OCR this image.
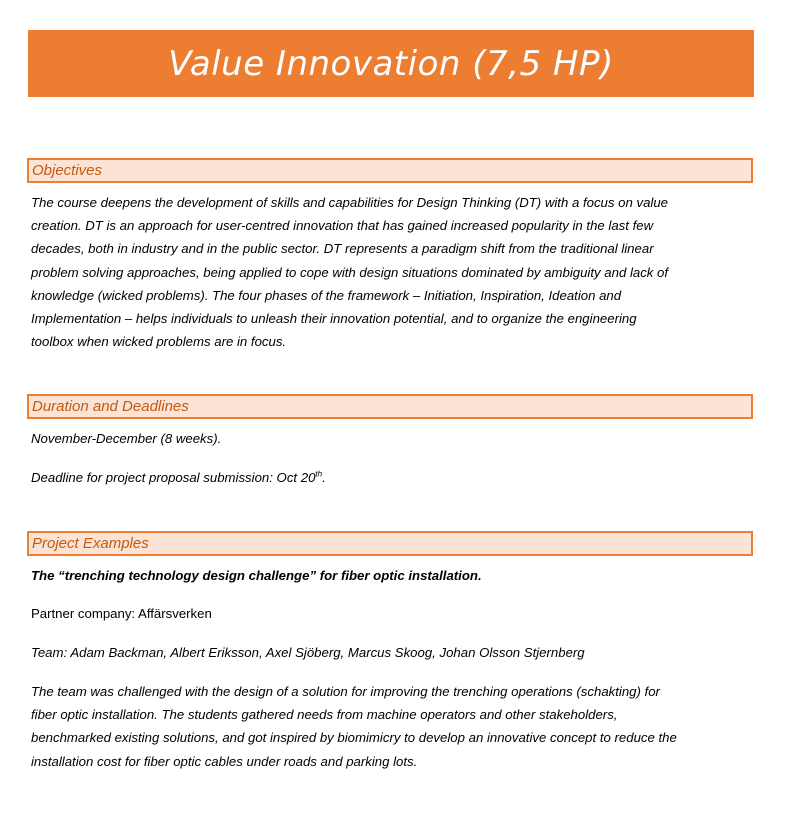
Value Innovation (7,5 HP)
Objectives
The course deepens the development of skills and capabilities for Design Thinking (DT) with a focus on value
creation. DT is an approach for user-centred innovation that has gained increased popularity in the last few
decades, both in industry and in the public sector. DT represents a paradigm shift from the traditional linear
problem solving approaches, being applied to cope with design situations dominated by ambiguity and lack of
knowledge (wicked problems). The four phases of the framework – Initiation, Inspiration, Ideation and
Implementation – helps individuals to unleash their innovation potential, and to organize the engineering
toolbox when wicked problems are in focus.
Duration and Deadlines
November-December (8 weeks).
Deadline for project proposal submission: Oct 20th.
Project Examples
The “trenching technology design challenge” for fiber optic installation.
Partner company: Affärsverken
Team: Adam Backman, Albert Eriksson, Axel Sjöberg, Marcus Skoog, Johan Olsson Stjernberg
The team was challenged with the design of a solution for improving the trenching operations (schakting) for
fiber optic installation. The students gathered needs from machine operators and other stakeholders,
benchmarked existing solutions, and got inspired by biomimicry to develop an innovative concept to reduce the
installation cost for fiber optic cables under roads and parking lots.
